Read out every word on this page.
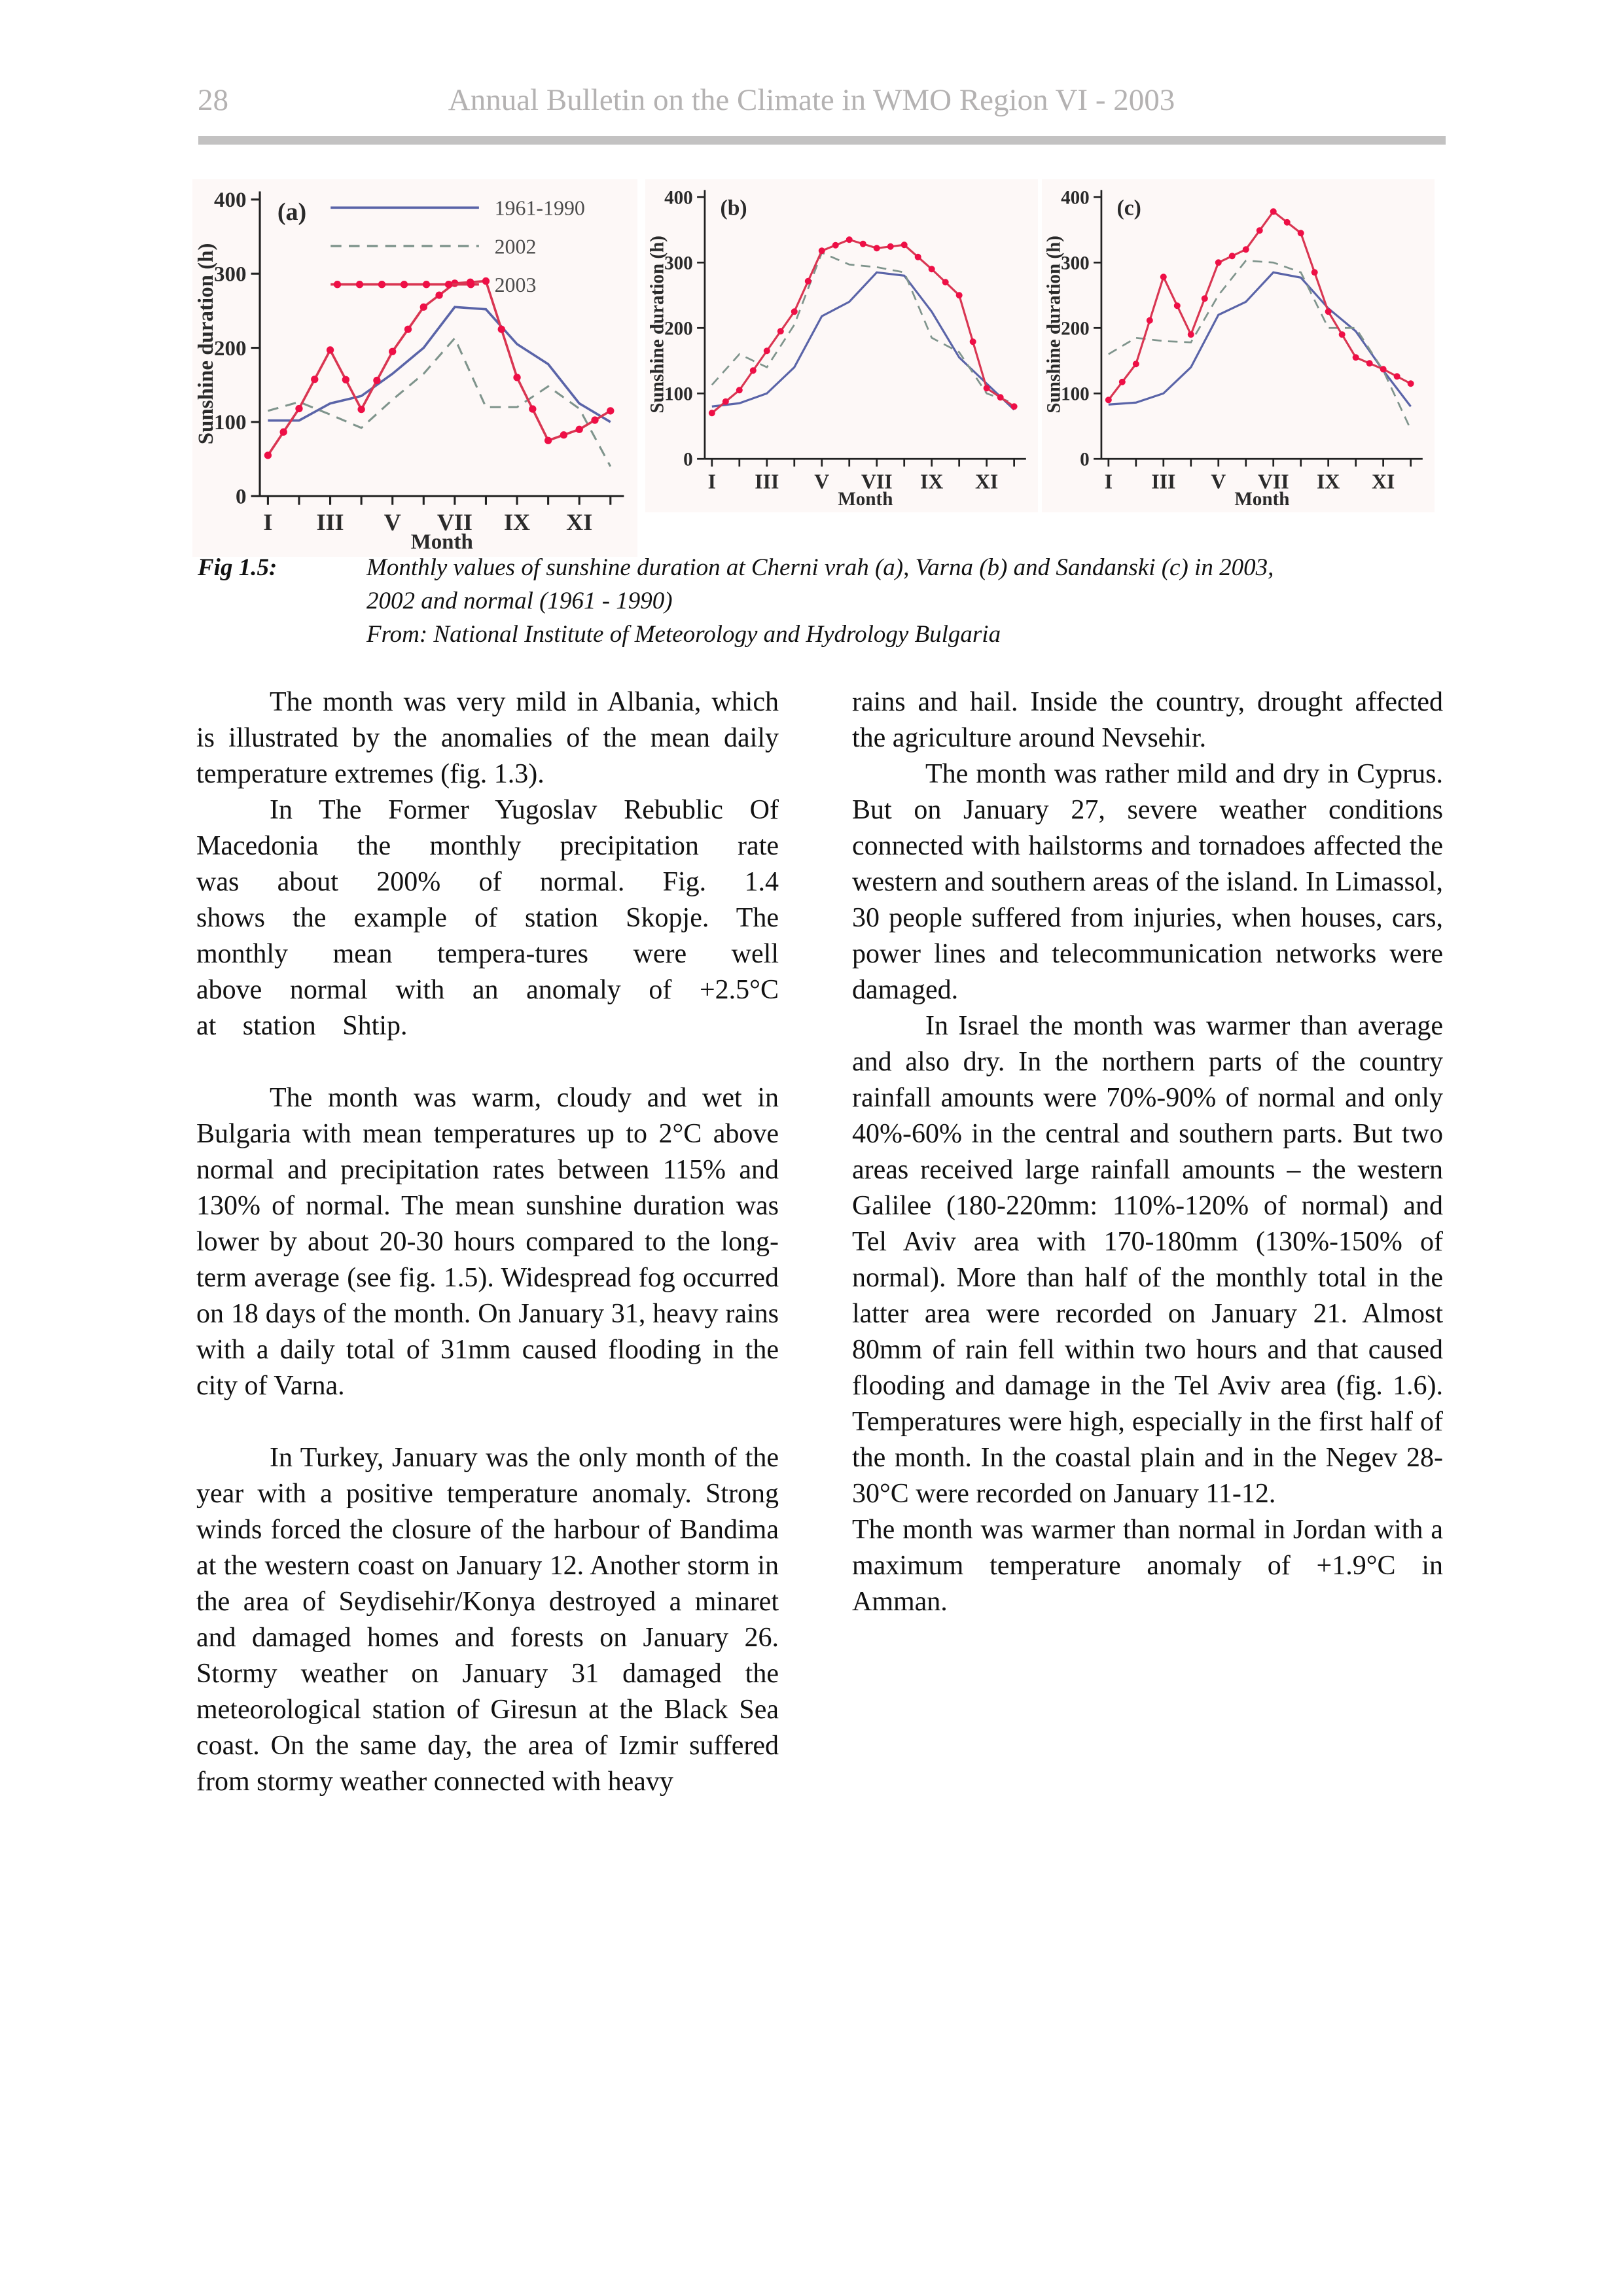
28	Annual Bulletin on the Climate in WMO Region VI - 2003
0
100
200
300
400
I III V VII IX XI
Month
Sunshine duration (h)
(a)	1961-1990
2002
2003
0
100
200
300
400
I III V VII IX XI
Month
Sunshine duration (h)
(b)
0
100
200
300
400
I III V VII IX XI
Month
Sunshine duration (h)
(c)
Fig 1.5:	Monthly values of sunshine duration at Cherni vrah (a), Varna (b) and Sandanski (c) in 2003,
2002 and normal (1961 - 1990)
From: National Institute of Meteorology and Hydrology Bulgaria

The month was very mild in Albania, which is illustrated by the anomalies of the mean daily temperature extremes (fig. 1.3).

In The Former Yugoslav Rebublic Of Macedonia the monthly precipitation rate was about 200% of normal. Fig. 1.4 shows the example of station Skopje. The monthly mean tempera-tures were well above normal with an anomaly of +2.5°C at station Shtip.

The month was warm, cloudy and wet in Bulgaria with mean temperatures up to 2°C above normal and precipitation rates between 115% and 130% of normal. The mean sunshine duration was lower by about 20-30 hours compared to the long-term average (see fig. 1.5). Widespread fog occurred on 18 days of the month. On January 31, heavy rains with a daily total of 31mm caused flooding in the city of Varna.

In Turkey, January was the only month of the year with a positive temperature anomaly. Strong winds forced the closure of the harbour of Bandima at the western coast on January 12. Another storm in the area of Seydisehir/Konya destroyed a minaret and damaged homes and forests on January 26. Stormy weather on January 31 damaged the meteorological station of Giresun at the Black Sea coast. On the same day, the area of Izmir suffered from stormy weather connected with heavy

rains and hail. Inside the country, drought affected the agriculture around Nevsehir.

The month was rather mild and dry in Cyprus. But on January 27, severe weather conditions connected with hailstorms and tornadoes affected the western and southern areas of the island. In Limassol, 30 people suffered from injuries, when houses, cars, power lines and telecommunication networks were damaged.

In Israel the month was warmer than average and also dry. In the northern parts of the country rainfall amounts were 70%-90% of normal and only 40%-60% in the central and southern parts. But two areas received large rainfall amounts – the western Galilee (180-220mm: 110%-120% of normal) and Tel Aviv area with 170-180mm (130%-150% of normal). More than half of the monthly total in the latter area were recorded on January 21. Almost 80mm of rain fell within two hours and that caused flooding and damage in the Tel Aviv area (fig. 1.6). Temperatures were high, especially in the first half of the month. In the coastal plain and in the Negev 28-30°C were recorded on January 11-12.

The month was warmer than normal in Jordan with a maximum temperature anomaly of +1.9°C in Amman.
